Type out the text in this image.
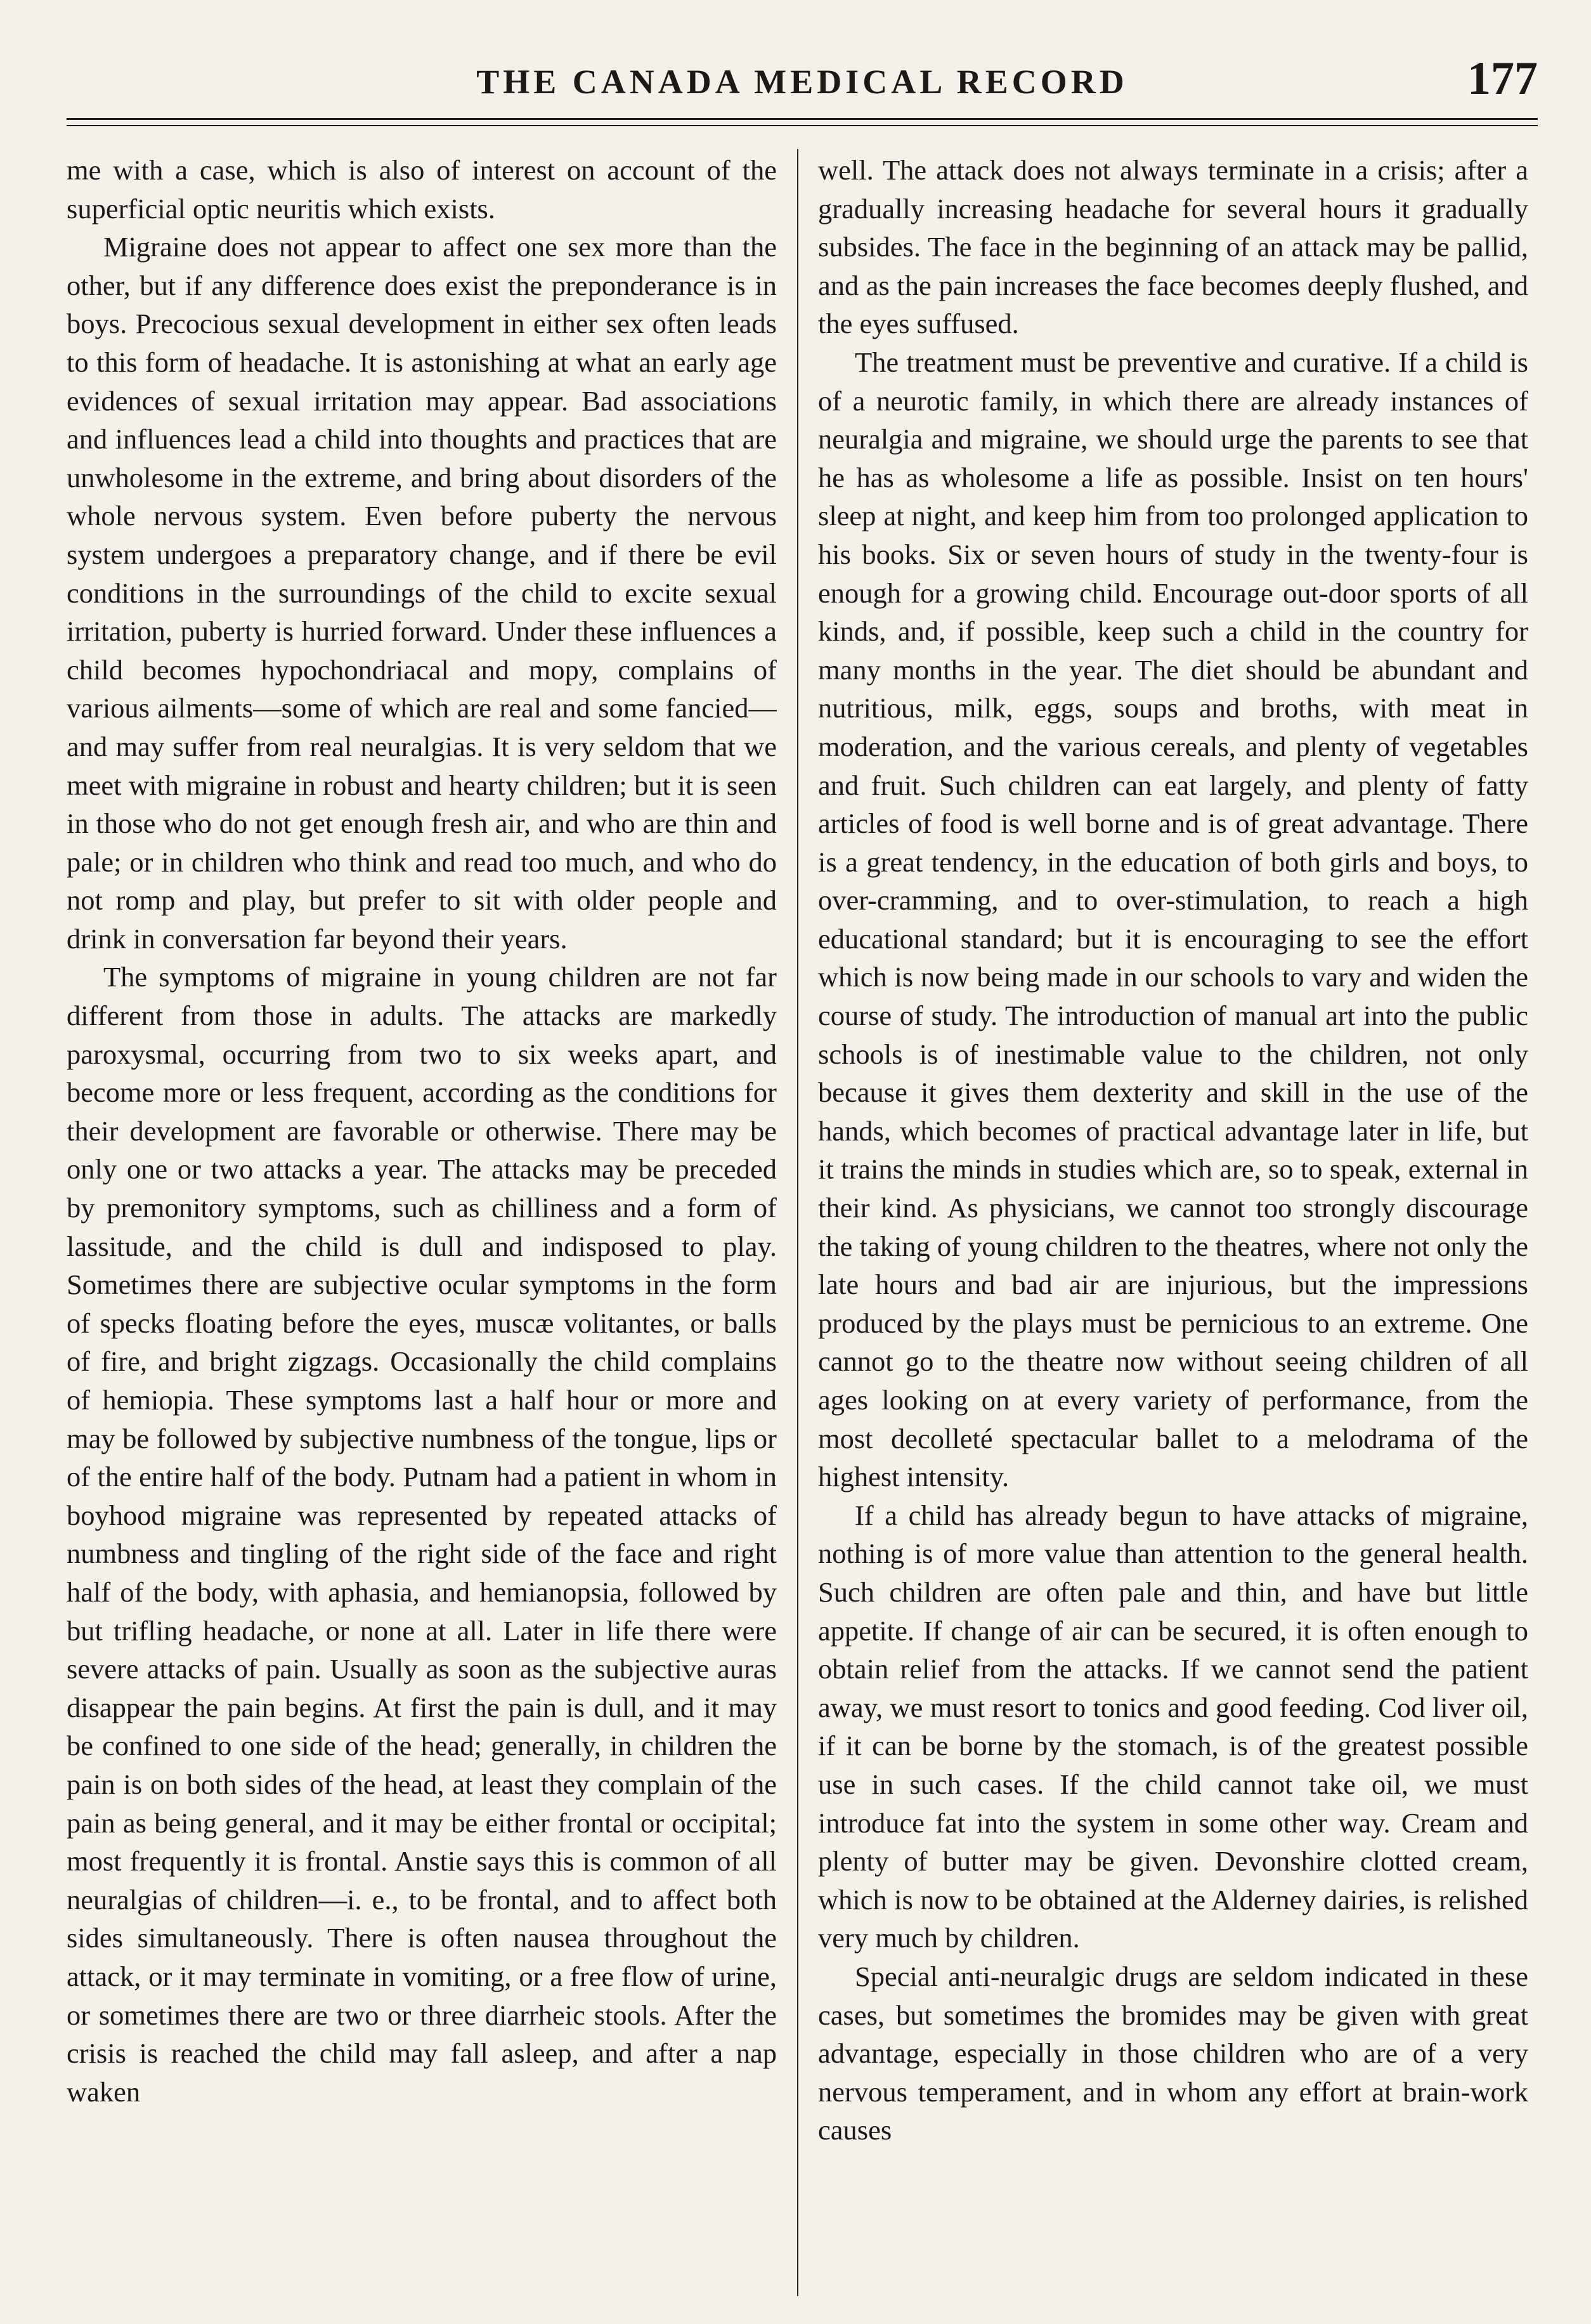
THE CANADA MEDICAL RECORD	177

me with a case, which is also of interest on account of the superficial optic neuritis which exists.

Migraine does not appear to affect one sex more than the other, but if any difference does exist the preponderance is in boys. Precocious sexual development in either sex often leads to this form of headache. It is astonishing at what an early age evidences of sexual irritation may appear. Bad associations and influences lead a child into thoughts and practices that are unwholesome in the extreme, and bring about disorders of the whole nervous system. Even before puberty the nervous system undergoes a preparatory change, and if there be evil conditions in the surroundings of the child to excite sexual irritation, puberty is hurried forward. Under these influences a child becomes hypochondriacal and mopy, complains of various ailments—some of which are real and some fancied—and may suffer from real neuralgias. It is very seldom that we meet with migraine in robust and hearty children; but it is seen in those who do not get enough fresh air, and who are thin and pale; or in children who think and read too much, and who do not romp and play, but prefer to sit with older people and drink in conversation far beyond their years.

The symptoms of migraine in young children are not far different from those in adults. The attacks are markedly paroxysmal, occurring from two to six weeks apart, and become more or less frequent, according as the conditions for their development are favorable or otherwise. There may be only one or two attacks a year. The attacks may be preceded by premonitory symptoms, such as chilliness and a form of lassitude, and the child is dull and indisposed to play. Sometimes there are subjective ocular symptoms in the form of specks floating before the eyes, muscæ volitantes, or balls of fire, and bright zigzags. Occasionally the child complains of hemiopia. These symptoms last a half hour or more and may be followed by subjective numbness of the tongue, lips or of the entire half of the body. Putnam had a patient in whom in boyhood migraine was represented by repeated attacks of numbness and tingling of the right side of the face and right half of the body, with aphasia, and hemianopsia, followed by but trifling headache, or none at all. Later in life there were severe attacks of pain. Usually as soon as the subjective auras disappear the pain begins. At first the pain is dull, and it may be confined to one side of the head; generally, in children the pain is on both sides of the head, at least they complain of the pain as being general, and it may be either frontal or occipital; most frequently it is frontal. Anstie says this is common of all neuralgias of children—i. e., to be frontal, and to affect both sides simultaneously. There is often nausea throughout the attack, or it may terminate in vomiting, or a free flow of urine, or sometimes there are two or three diarrheic stools. After the crisis is reached the child may fall asleep, and after a nap waken

well. The attack does not always terminate in a crisis; after a gradually increasing headache for several hours it gradually subsides. The face in the beginning of an attack may be pallid, and as the pain increases the face becomes deeply flushed, and the eyes suffused.

The treatment must be preventive and curative. If a child is of a neurotic family, in which there are already instances of neuralgia and migraine, we should urge the parents to see that he has as wholesome a life as possible. Insist on ten hours' sleep at night, and keep him from too prolonged application to his books. Six or seven hours of study in the twenty-four is enough for a growing child. Encourage out-door sports of all kinds, and, if possible, keep such a child in the country for many months in the year. The diet should be abundant and nutritious, milk, eggs, soups and broths, with meat in moderation, and the various cereals, and plenty of vegetables and fruit. Such children can eat largely, and plenty of fatty articles of food is well borne and is of great advantage. There is a great tendency, in the education of both girls and boys, to over-cramming, and to over-stimulation, to reach a high educational standard; but it is encouraging to see the effort which is now being made in our schools to vary and widen the course of study. The introduction of manual art into the public schools is of inestimable value to the children, not only because it gives them dexterity and skill in the use of the hands, which becomes of practical advantage later in life, but it trains the minds in studies which are, so to speak, external in their kind. As physicians, we cannot too strongly discourage the taking of young children to the theatres, where not only the late hours and bad air are injurious, but the impressions produced by the plays must be pernicious to an extreme. One cannot go to the theatre now without seeing children of all ages looking on at every variety of performance, from the most decolleté spectacular ballet to a melodrama of the highest intensity.

If a child has already begun to have attacks of migraine, nothing is of more value than attention to the general health. Such children are often pale and thin, and have but little appetite. If change of air can be secured, it is often enough to obtain relief from the attacks. If we cannot send the patient away, we must resort to tonics and good feeding. Cod liver oil, if it can be borne by the stomach, is of the greatest possible use in such cases. If the child cannot take oil, we must introduce fat into the system in some other way. Cream and plenty of butter may be given. Devonshire clotted cream, which is now to be obtained at the Alderney dairies, is relished very much by children.

Special anti-neuralgic drugs are seldom indicated in these cases, but sometimes the bromides may be given with great advantage, especially in those children who are of a very nervous temperament, and in whom any effort at brain-work causes
